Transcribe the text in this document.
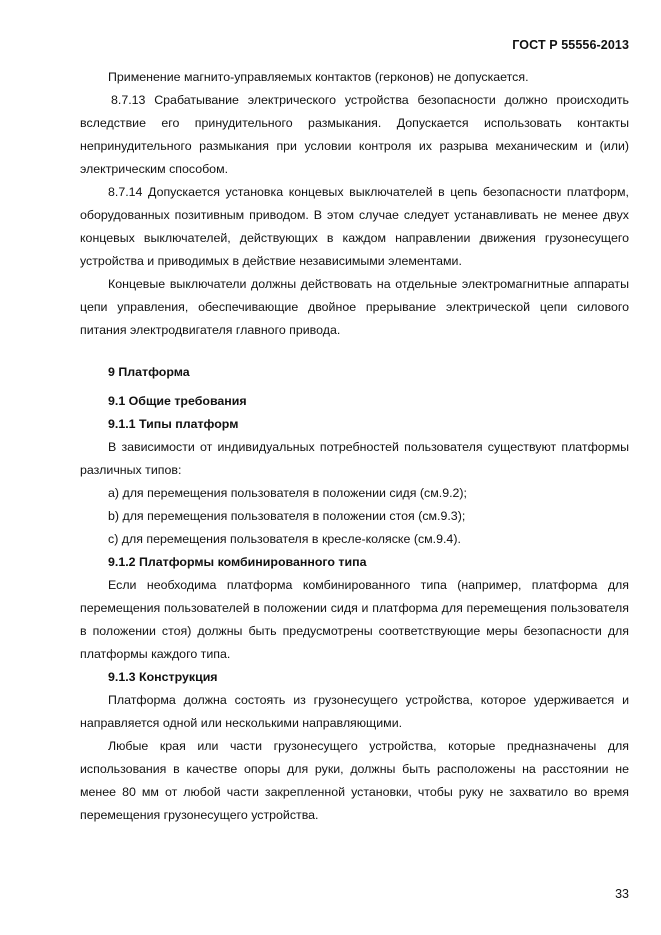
ГОСТ Р 55556-2013

Применение магнито-управляемых контактов (герконов) не допускается.

8.7.13 Срабатывание электрического устройства безопасности должно происходить вследствие его принудительного размыкания. Допускается использовать контакты непринудительного размыкания при условии контроля их разрыва механическим и (или) электрическим способом.

8.7.14 Допускается установка концевых выключателей в цепь безопасности платформ, оборудованных позитивным приводом. В этом случае следует устанавливать не менее двух концевых выключателей, действующих в каждом направлении движения грузонесущего устройства и приводимых в действие независимыми элементами.

Концевые выключатели должны действовать на отдельные электромагнитные аппараты цепи управления, обеспечивающие двойное прерывание электрической цепи силового питания электродвигателя главного привода.

9 Платформа

9.1 Общие требования

9.1.1 Типы платформ

В зависимости от индивидуальных потребностей пользователя существуют платформы различных типов:

a) для перемещения пользователя в положении сидя (см.9.2);

b) для перемещения пользователя в положении стоя (см.9.3);

c) для перемещения пользователя в кресле-коляске (см.9.4).

9.1.2 Платформы комбинированного типа

Если необходима платформа комбинированного типа (например, платформа для перемещения пользователей в положении сидя и платформа для перемещения пользователя в положении стоя) должны быть предусмотрены соответствующие меры безопасности для платформы каждого типа.

9.1.3 Конструкция

Платформа должна состоять из грузонесущего устройства, которое удерживается и направляется одной или несколькими направляющими.

Любые края или части грузонесущего устройства, которые предназначены для использования в качестве опоры для руки, должны быть расположены на расстоянии не менее 80 мм от любой части закрепленной установки, чтобы руку не захватило во время перемещения грузонесущего устройства.

33
